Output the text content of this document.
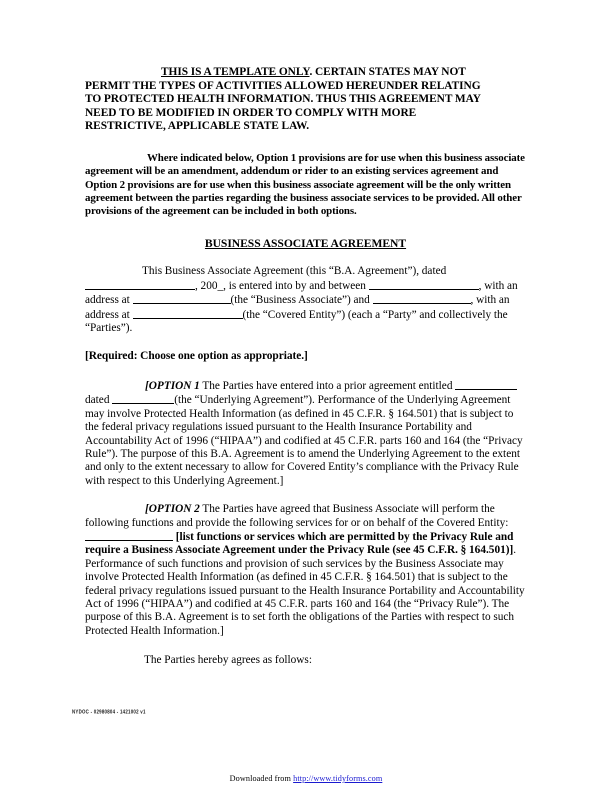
THIS IS A TEMPLATE ONLY. CERTAIN STATES MAY NOT
PERMIT THE TYPES OF ACTIVITIES ALLOWED HEREUNDER RELATING
TO PROTECTED HEALTH INFORMATION. THUS THIS AGREEMENT MAY
NEED TO BE MODIFIED IN ORDER TO COMPLY WITH MORE
RESTRICTIVE, APPLICABLE STATE LAW.

Where indicated below, Option 1 provisions are for use when this business associate agreement will be an amendment, addendum or rider to an existing services agreement and Option 2 provisions are for use when this business associate agreement will be the only written agreement between the parties regarding the business associate services to be provided. All other provisions of the agreement can be included in both options.

BUSINESS ASSOCIATE AGREEMENT

This Business Associate Agreement (this “B.A. Agreement”), dated , 200_, is entered into by and between	, with an address at	(the “Business Associate”) and	, with an address at	(the “Covered Entity”) (each a “Party” and collectively the “Parties”).

[Required: Choose one option as appropriate.]

[OPTION 1 The Parties have entered into a prior agreement entitled  dated	(the “Underlying Agreement”). Performance of the Underlying Agreement may involve Protected Health Information (as defined in 45 C.F.R. § 164.501) that is subject to the federal privacy regulations issued pursuant to the Health Insurance Portability and Accountability Act of 1996 (“HIPAA”) and codified at 45 C.F.R. parts 160 and 164 (the “Privacy Rule”). The purpose of this B.A. Agreement is to amend the Underlying Agreement to the extent and only to the extent necessary to allow for Covered Entity’s compliance with the Privacy Rule with respect to this Underlying Agreement.]

[OPTION 2 The Parties have agreed that Business Associate will perform the following functions and provide the following services for or on behalf of the Covered Entity:  [list functions or services which are permitted by the Privacy Rule and require a Business Associate Agreement under the Privacy Rule (see 45 C.F.R. § 164.501)]. Performance of such functions and provision of such services by the Business Associate may involve Protected Health Information (as defined in 45 C.F.R. § 164.501) that is subject to the federal privacy regulations issued pursuant to the Health Insurance Portability and Accountability Act of 1996 (“HIPAA”) and codified at 45 C.F.R. parts 160 and 164 (the “Privacy Rule”). The purpose of this B.A. Agreement is to set forth the obligations of the Parties with respect to such Protected Health Information.]

The Parties hereby agrees as follows:

NYDOC - 02980804 - 1421002 v1
Downloaded from http://www.tidyforms.com
